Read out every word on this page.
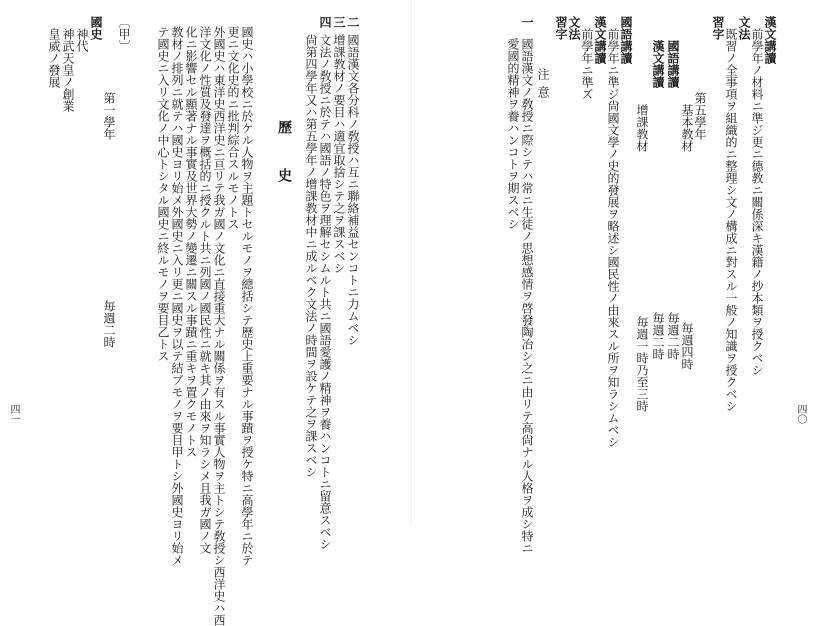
四〇
漢文講讀
前學年ノ材料ニ準ジ更ニ德教ニ關係深キ漢籍ノ抄本類ヲ授クベシ
文法
既習ノ全事項ヲ組織的ニ整理シ文ノ構成ニ對スル一般ノ知識ヲ授クベシ
習字
第五學年
基本教材
毎週四時
國語講讀
毎週二時
漢文講讀
毎週二時
增課教材
毎週一時乃至三時
國語講讀
前學年ニ準ジ尙國文學ノ史的發展ヲ略述シ國民性ノ由來スル所ヲ知ラシムベシ
漢文講讀
前學年ニ準ズ
文法
習字
注意
一
國語漢文ノ敎授ニ際シテハ常ニ生徒ノ思想感情ヲ啓發陶冶シ之ニ由リテ高尙ナル人格ヲ成シ特ニ
愛國的精神ヲ養ハンコトヲ期スベシ
四一
二
國語漢文各分科ノ敎授ハ互ニ聯絡補益センコトニ力ムベシ
三
增課教材ノ要目ハ適宜取捨シテ之ヲ課スベシ
四
文法ノ敎授ニ於テハ國語ノ特色ヲ理解セシムルト共ニ國語愛護ノ精神ヲ養ハンコトニ留意スベシ
尙第四學年又ハ第五學年ノ增課教材中ニ成ルベク文法ノ時間ヲ設ケテ之ヲ課スベシ
歷　史
國史ハ小學校ニ於ケル人物ヲ主題トセルモノヲ總括シテ歷史上重要ナル事蹟ヲ授ケ特ニ高學年ニ於テ
更ニ文化史的ニ批判綜合スルモノトス
外國史ハ東洋史西洋史ニ亘リテ我ガ國ノ文化ニ直接重大ナル關係ヲ有スル事實人物ヲ主トシテ敎授シ西洋史ハ西
洋文化ノ性質及發達ヲ概括的ニ授クルト共ニ列國ノ國民性ニ就キ其ノ由來ヲ知ラシメ且我ガ國ノ文
化ニ影響セル顯著ナル事實及世界大勢ノ變遷ニ關スル事蹟ニ重キヲ置クモノトス
教材ノ排列ニ就テハ國史ヨリ始メ外國史ニ入リ更ニ國史ヲ以テ結ブモノヲ要目甲トシ外國史ヨリ始メ
テ國史ニ入リ文化ノ中心トシタル國史ニ終ルモノヲ要目乙トス
〔甲〕
國史
第一學年
毎週二時
神代
神武天皇ノ創業
皇威ノ發展
